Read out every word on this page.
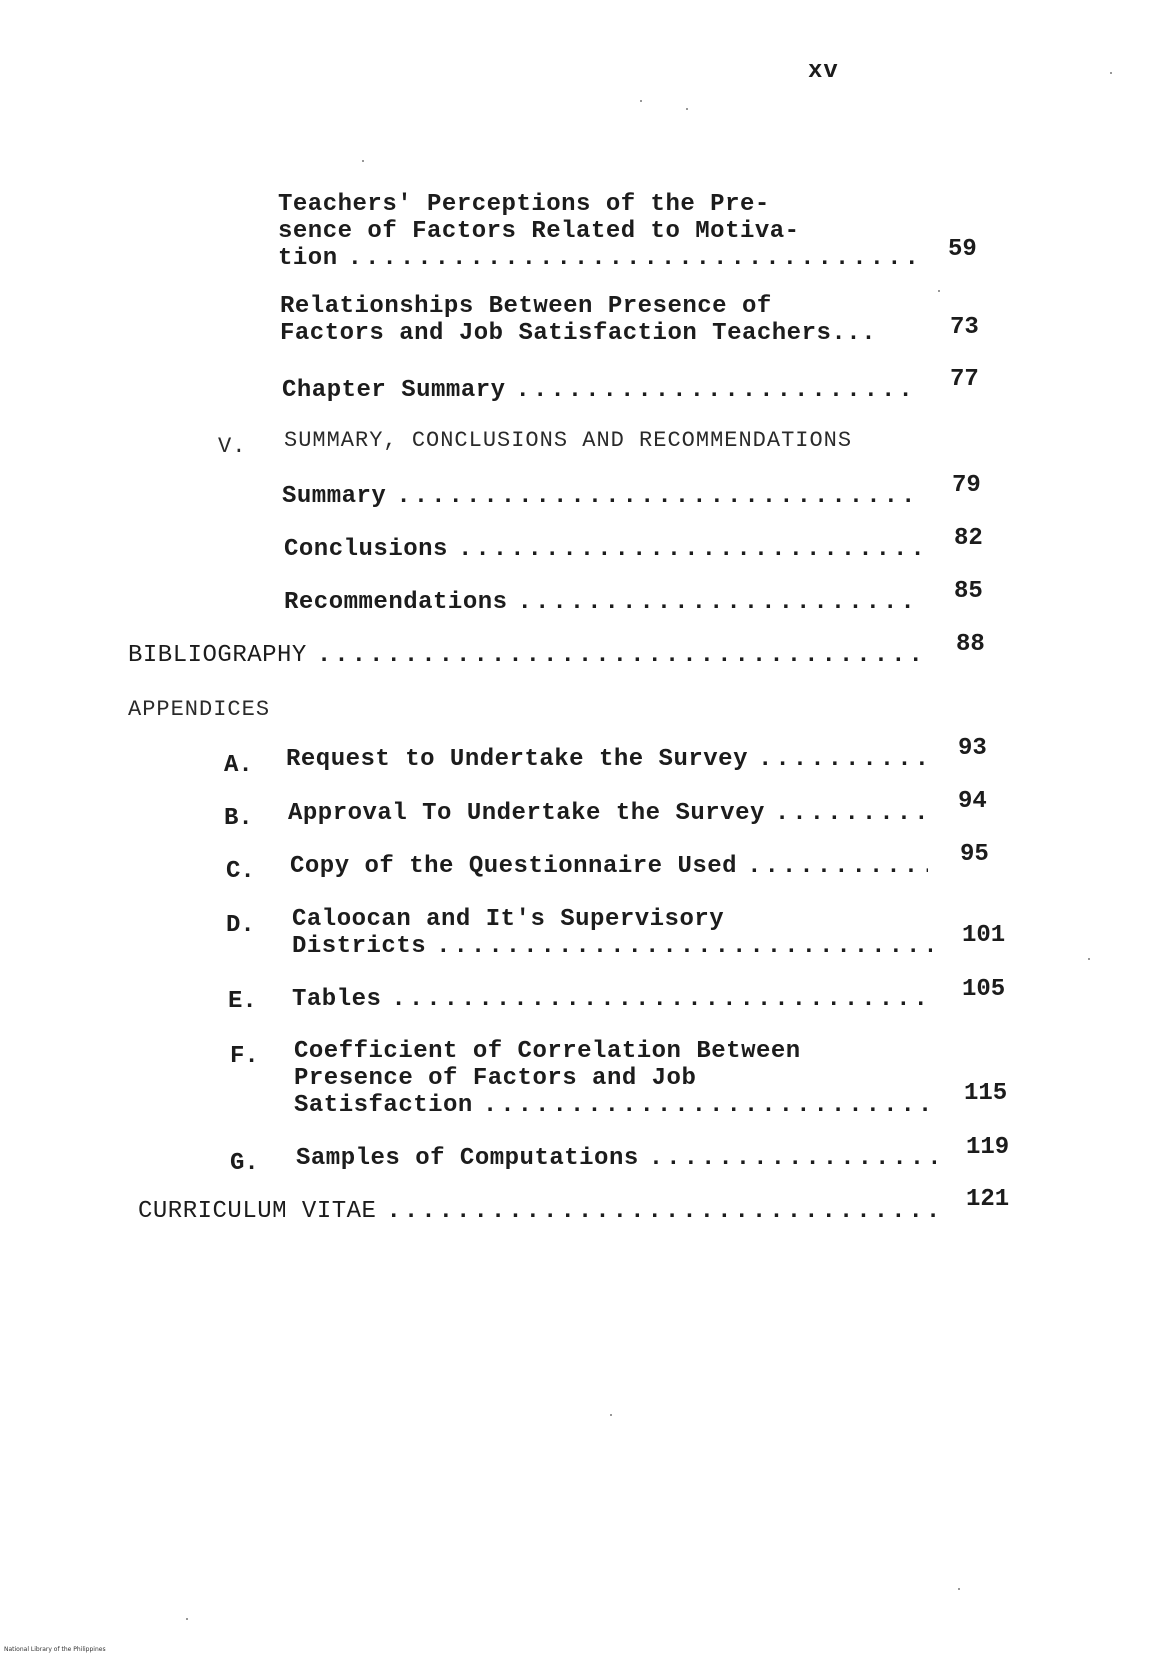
xv
Teachers' Perceptions of the Pre-
sence of Factors Related to Motiva-
tion .....	59
Relationships Between Presence of
Factors and Job Satisfaction Teachers...	73
Chapter Summary .....	77
V. SUMMARY, CONCLUSIONS AND RECOMMENDATIONS
Summary .....	79
Conclusions .....	82
Recommendations .....	85
BIBLIOGRAPHY .....	88
APPENDICES
A. Request to Undertake the Survey .....	93
B. Approval To Undertake the Survey .....	94
C. Copy of the Questionnaire Used .....	95
D. Caloocan and It's Supervisory
Districts .....	101
E. Tables .....	105
F. Coefficient of Correlation Between
Presence of Factors and Job
Satisfaction .....	115
G. Samples of Computations .....	119
CURRICULUM VITAE .....	121
National Library of the Philippines
